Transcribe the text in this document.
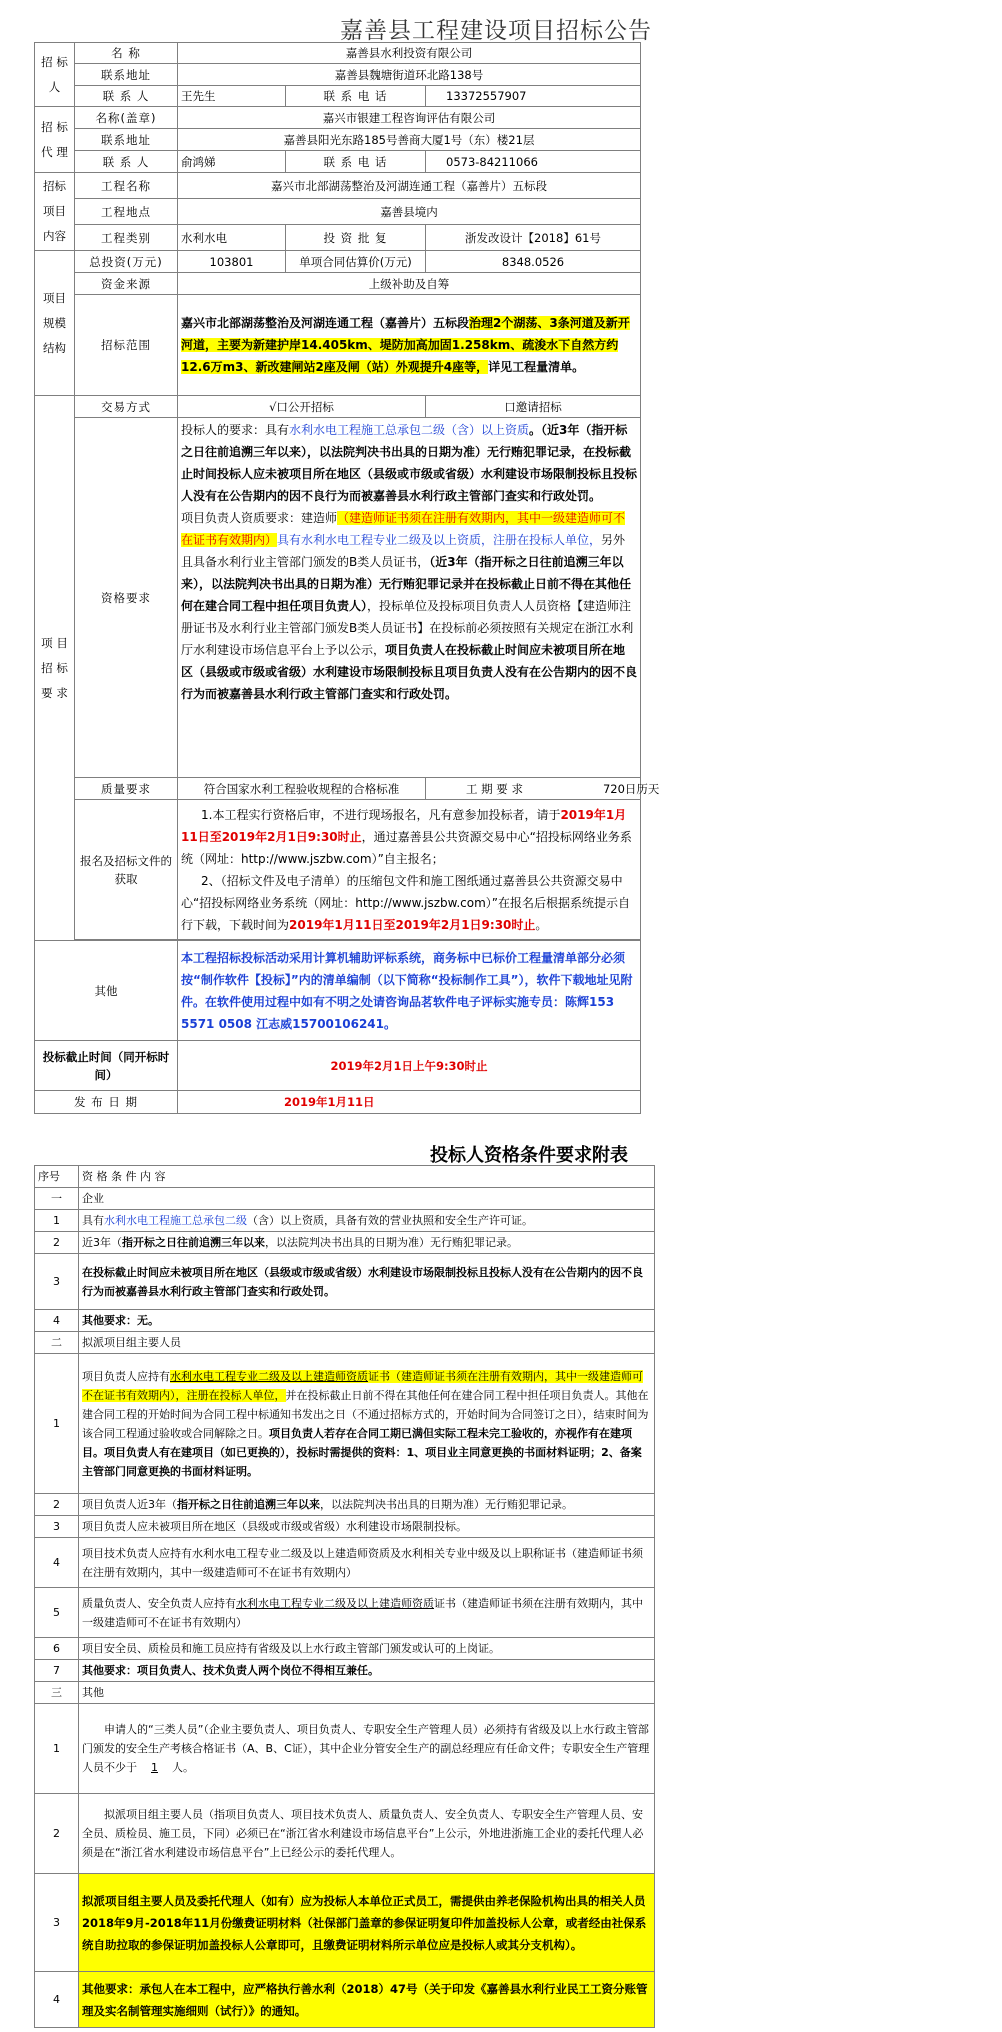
嘉善县工程建设项目招标公告
招 标 人	名 称	嘉善县水利投资有限公司		
	联系地址	嘉善县魏塘街道环北路138号		
	联 系 人	王先生	联 系 电 话	13372557907
招 标 代 理	名称(盖章)	嘉兴市银建工程咨询评估有限公司		
	联系地址	嘉善县阳光东路185号善商大厦1号（东）楼21层		
	联 系 人	俞鸿娣	联 系 电 话	0573-84211066
招标 项目 内容	工程名称	嘉兴市北部湖荡整治及河湖连通工程（嘉善片）五标段		
	工程地点	嘉善县境内		
	工程类别	水利水电	投 资 批 复	浙发改设计【2018】61号
项目 规模 结构	总投资(万元)	103801	单项合同估算价(万元)	8348.0526
	资金来源	上级补助及自筹		
	招标范围	嘉兴市北部湖荡整治及河湖连通工程（嘉善片）五标段治理2个湖荡、3条河道及新开河道，主要为新建护岸14.405km、堤防加高加固1.258km、疏浚水下自然方约12.6万m3、新改建闸站2座及闸（站）外观提升4座等，详见工程量清单。		
项 目 招 标 要 求	交易方式	√口公开招标		口邀请招标
	资格要求	投标人的要求：具有水利水电工程施工总承包二级（含）以上资质。（近3年（指开标之日往前追溯三年以来），以法院判决书出具的日期为准）无行贿犯罪记录，在投标截止时间投标人应未被项目所在地区（县级或市级或省级）水利建设市场限制投标且投标人没有在公告期内的因不良行为而被嘉善县水利行政主管部门查实和行政处罚。
项目负责人资质要求：建造师（建造师证书须在注册有效期内，其中一级建造师可不在证书有效期内）具有水利水电工程专业二级及以上资质，注册在投标人单位，另外且具备水利行业主管部门颁发的B类人员证书，（近3年（指开标之日往前追溯三年以来），以法院判决书出具的日期为准）无行贿犯罪记录并在投标截止日前不得在其他任何在建合同工程中担任项目负责人），投标单位及投标项目负责人人员资格【建造师注册证书及水利行业主管部门颁发B类人员证书】在投标前必须按照有关规定在浙江水利厅水利建设市场信息平台上予以公示，项目负责人在投标截止时间应未被项目所在地区（县级或市级或省级）水利建设市场限制投标且项目负责人没有在公告期内的因不良行为而被嘉善县水利行政主管部门查实和行政处罚。		
	质量要求	符合国家水利工程验收规程的合格标准		工 期 要 求 720日历天
	报名及招标文件的获取	1.本工程实行资格后审，不进行现场报名，凡有意参加投标者，请于2019年1月11日至2019年2月1日9:30时止，通过嘉善县公共资源交易中心“招投标网络业务系统（网址：http://www.jszbw.com）”自主报名；
2、（招标文件及电子清单）的压缩包文件和施工图纸通过嘉善县公共资源交易中心“招投标网络业务系统（网址：http://www.jszbw.com）”在报名后根据系统提示自行下载，下载时间为2019年1月11日至2019年2月1日9:30时止。		

其他		本工程招标投标活动采用计算机辅助评标系统，商务标中已标价工程量清单部分必须按“制作软件【投标】”内的清单编制（以下简称“投标制作工具”），软件下载地址见附件。在软件使用过程中如有不明之处请咨询品茗软件电子评标实施专员：陈辉153 5571 0508 江志威15700106241。		
投标截止时间（同开标时间）		2019年2月1日上午9:30时止		
发 布 日 期		2019年1月11日		
投标人资格条件要求附表
序号	资 格 条 件 内 容
一	企业
1	具有水利水电工程施工总承包二级（含）以上资质，具备有效的营业执照和安全生产许可证。
2	近3年（指开标之日往前追溯三年以来，以法院判决书出具的日期为准）无行贿犯罪记录。
3	在投标截止时间应未被项目所在地区（县级或市级或省级）水利建设市场限制投标且投标人没有在公告期内的因不良行为而被嘉善县水利行政主管部门查实和行政处罚。
4	其他要求：无。
二	拟派项目组主要人员
1	项目负责人应持有水利水电工程专业二级及以上建造师资质证书（建造师证书须在注册有效期内，其中一级建造师可不在证书有效期内），注册在投标人单位，并在投标截止日前不得在其他任何在建合同工程中担任项目负责人。其他在建合同工程的开始时间为合同工程中标通知书发出之日（不通过招标方式的，开始时间为合同签订之日），结束时间为该合同工程通过验收或合同解除之日。项目负责人若存在合同工期已满但实际工程未完工验收的，亦视作有在建项目。项目负责人有在建项目（如已更换的），投标时需提供的资料：1、项目业主同意更换的书面材料证明；2、备案主管部门同意更换的书面材料证明。
2	项目负责人近3年（指开标之日往前追溯三年以来，以法院判决书出具的日期为准）无行贿犯罪记录。
3	项目负责人应未被项目所在地区（县级或市级或省级）水利建设市场限制投标。
4	项目技术负责人应持有水利水电工程专业二级及以上建造师资质及水利相关专业中级及以上职称证书（建造师证书须在注册有效期内，其中一级建造师可不在证书有效期内）
5	质量负责人、安全负责人应持有水利水电工程专业二级及以上建造师资质证书（建造师证书须在注册有效期内，其中一级建造师可不在证书有效期内）
6	项目安全员、质检员和施工员应持有省级及以上水行政主管部门颁发或认可的上岗证。
7	其他要求：项目负责人、技术负责人两个岗位不得相互兼任。
三	其他
1	申请人的“三类人员”（企业主要负责人、项目负责人、专职安全生产管理人员）必须持有省级及以上水行政主管部门颁发的安全生产考核合格证书（A、B、C证），其中企业分管安全生产的副总经理应有任命文件；专职安全生产管理人员不少于 1 人。
2	拟派项目组主要人员（指项目负责人、项目技术负责人、质量负责人、安全负责人、专职安全生产管理人员、安全员、质检员、施工员，下同）必须已在“浙江省水利建设市场信息平台”上公示，外地进浙施工企业的委托代理人必须是在“浙江省水利建设市场信息平台”上已经公示的委托代理人。
3	拟派项目组主要人员及委托代理人（如有）应为投标人本单位正式员工，需提供由养老保险机构出具的相关人员2018年9月-2018年11月份缴费证明材料（社保部门盖章的参保证明复印件加盖投标人公章，或者经由社保系统自助拉取的参保证明加盖投标人公章即可，且缴费证明材料所示单位应是投标人或其分支机构）。
4	其他要求：承包人在本工程中，应严格执行善水利（2018）47号（关于印发《嘉善县水利行业民工工资分账管理及实名制管理实施细则（试行）》的通知。
